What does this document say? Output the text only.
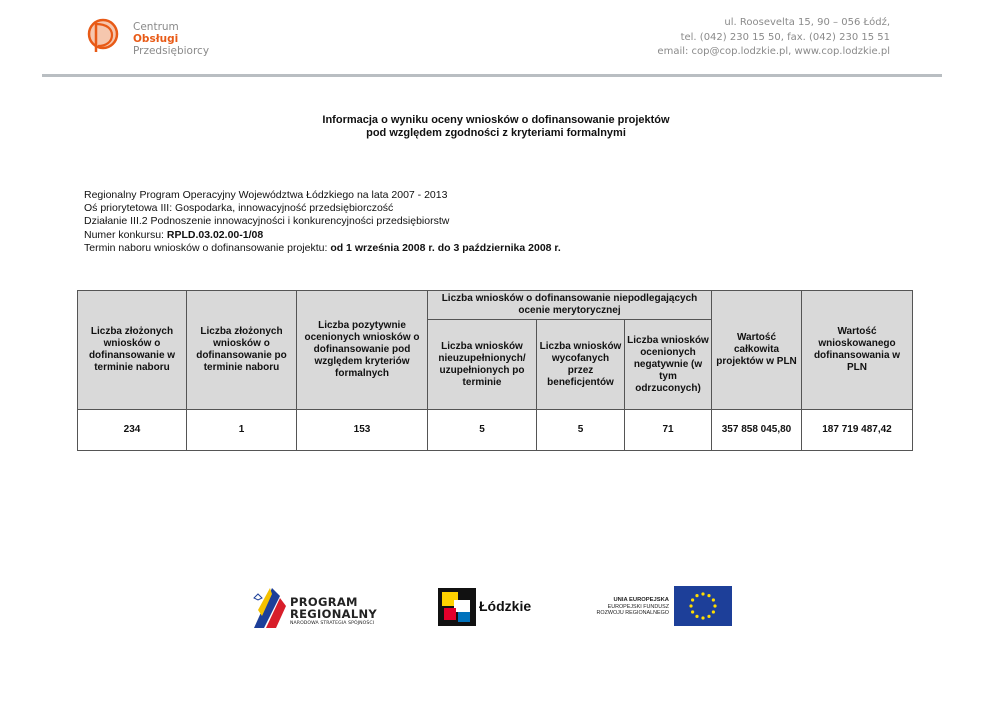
Centrum
Obsługi
Przedsiębiorcy
ul. Roosevelta 15, 90 – 056 Łódź,
tel. (042) 230 15 50, fax. (042) 230 15 51
email: cop@cop.lodzkie.pl, www.cop.lodzkie.pl
Informacja o wyniku oceny wniosków o dofinansowanie projektów
pod względem zgodności z kryteriami formalnymi
Regionalny Program Operacyjny Województwa Łódzkiego na lata 2007 - 2013
Oś priorytetowa III: Gospodarka, innowacyjność przedsiębiorczość
Działanie III.2 Podnoszenie innowacyjności i konkurencyjności przedsiębiorstw
Numer konkursu: RPLD.03.02.00-1/08
Termin naboru wniosków o dofinansowanie projektu: od 1 września 2008 r. do 3 października 2008 r.
Liczba złożonych wniosków o dofinansowanie w terminie naboru	Liczba złożonych wniosków o dofinansowanie po terminie naboru	Liczba pozytywnie ocenionych wniosków o dofinansowanie pod względem kryteriów formalnych	Liczba wniosków o dofinansowanie niepodlegających ocenie merytorycznej			Wartość całkowita projektów w PLN	Wartość wnioskowanego dofinansowania w PLN
			Liczba wniosków nieuzupełnionych/ uzupełnionych po terminie	Liczba wniosków wycofanych przez beneficjentów	Liczba wniosków ocenionych negatywnie (w tym odrzuconych)		
234	1	153	5	5	71	357 858 045,80	187 719 487,42
PROGRAM
REGIONALNY
NARODOWA STRATEGIA SPÓJNOŚCI
Łódzkie	UNIA EUROPEJSKA
EUROPEJSKI FUNDUSZ
ROZWOJU REGIONALNEGO
